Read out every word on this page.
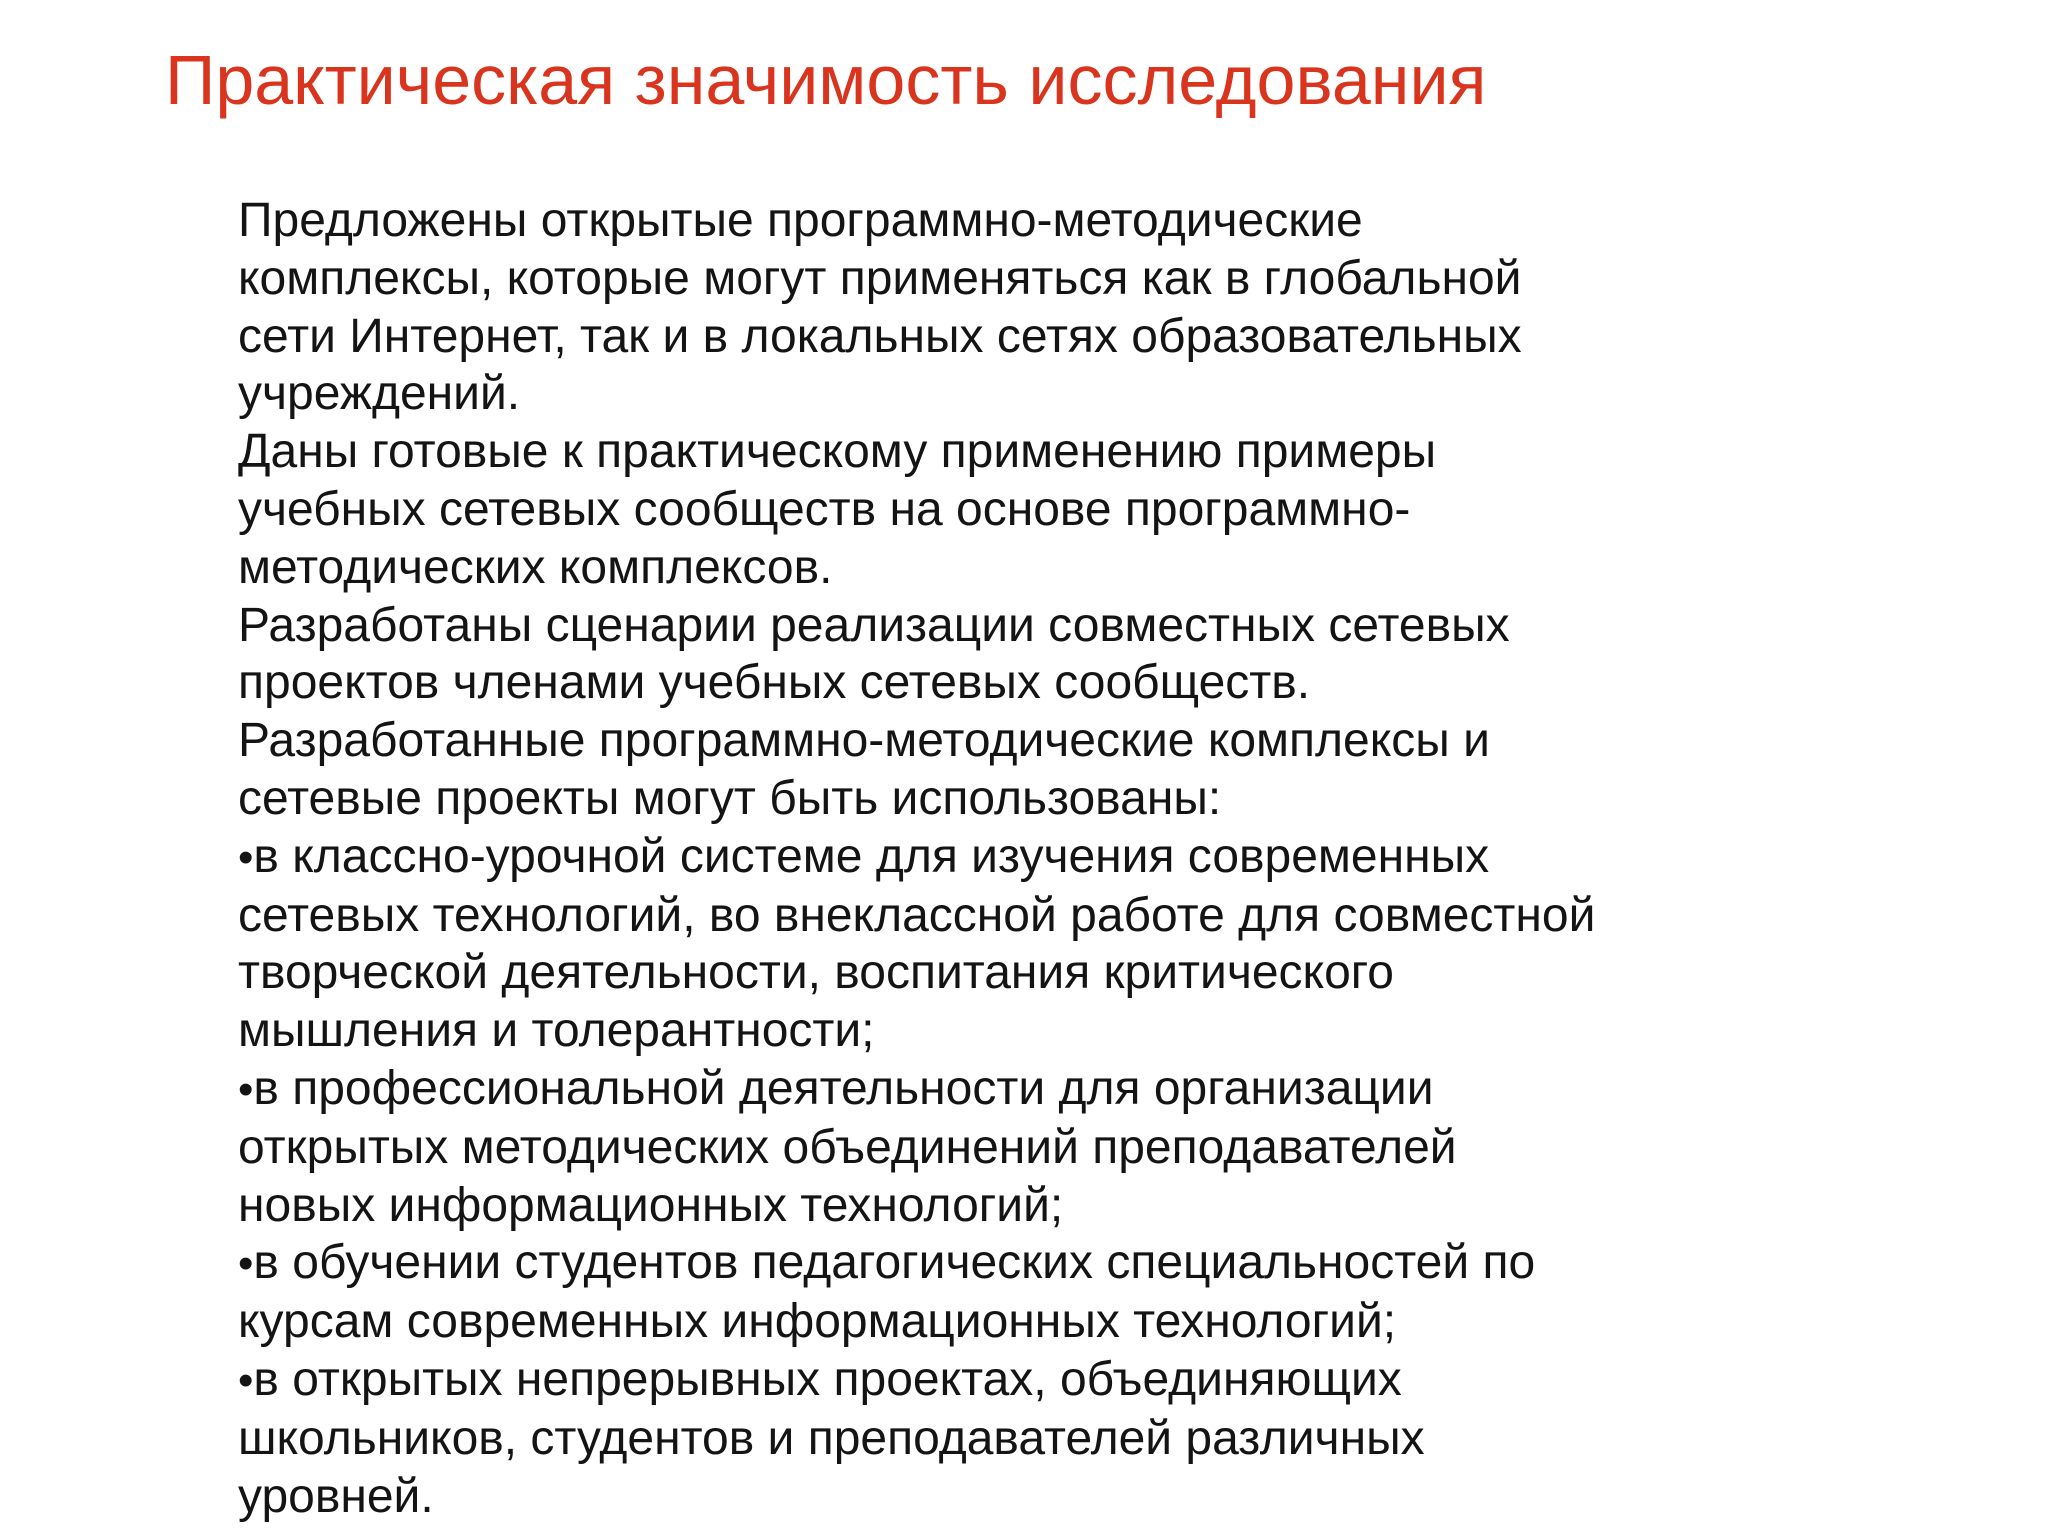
Практическая значимость исследования

Предложены открытые программно-методические
комплексы, которые могут применяться как в глобальной
сети Интернет, так и в локальных сетях образовательных
учреждений.

Даны готовые к практическому применению примеры
учебных сетевых сообществ на основе программно-
методических комплексов.

Разработаны сценарии реализации совместных сетевых
проектов членами учебных сетевых сообществ.

Разработанные программно-методические комплексы и
сетевые проекты могут быть использованы:

•в классно-урочной системе для изучения современных
сетевых технологий, во внеклассной работе для совместной
творческой деятельности, воспитания критического
мышления и толерантности;
•в профессиональной деятельности для организации
открытых методических объединений преподавателей
новых информационных технологий;
•в обучении студентов педагогических специальностей по
курсам современных информационных технологий;
•в открытых непрерывных проектах, объединяющих
школьников, студентов и преподавателей различных
уровней.
